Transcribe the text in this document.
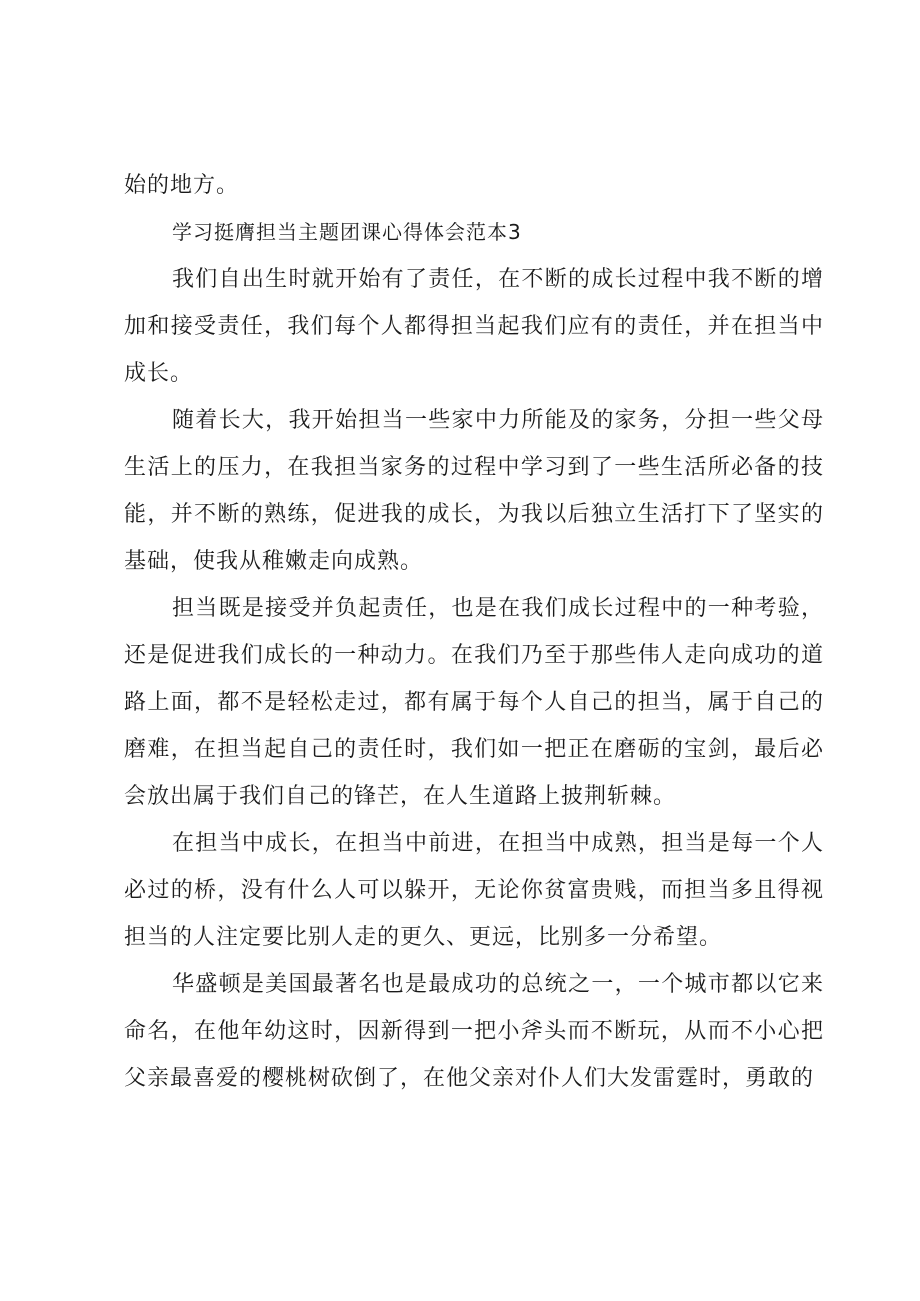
始的地方。

学习挺膺担当主题团课心得体会范本3

我们自出生时就开始有了责任，在不断的成长过程中我不断的增加和接受责任，我们每个人都得担当起我们应有的责任，并在担当中成长。

随着长大，我开始担当一些家中力所能及的家务，分担一些父母生活上的压力，在我担当家务的过程中学习到了一些生活所必备的技能，并不断的熟练，促进我的成长，为我以后独立生活打下了坚实的基础，使我从稚嫩走向成熟。

担当既是接受并负起责任，也是在我们成长过程中的一种考验，还是促进我们成长的一种动力。在我们乃至于那些伟人走向成功的道路上面，都不是轻松走过，都有属于每个人自己的担当，属于自己的磨难，在担当起自己的责任时，我们如一把正在磨砺的宝剑，最后必会放出属于我们自己的锋芒，在人生道路上披荆斩棘。

在担当中成长，在担当中前进，在担当中成熟，担当是每一个人必过的桥，没有什么人可以躲开，无论你贫富贵贱，而担当多且得视担当的人注定要比别人走的更久、更远，比别多一分希望。

华盛顿是美国最著名也是最成功的总统之一，一个城市都以它来命名，在他年幼这时，因新得到一把小斧头而不断玩，从而不小心把父亲最喜爱的樱桃树砍倒了，在他父亲对仆人们大发雷霆时，勇敢的
